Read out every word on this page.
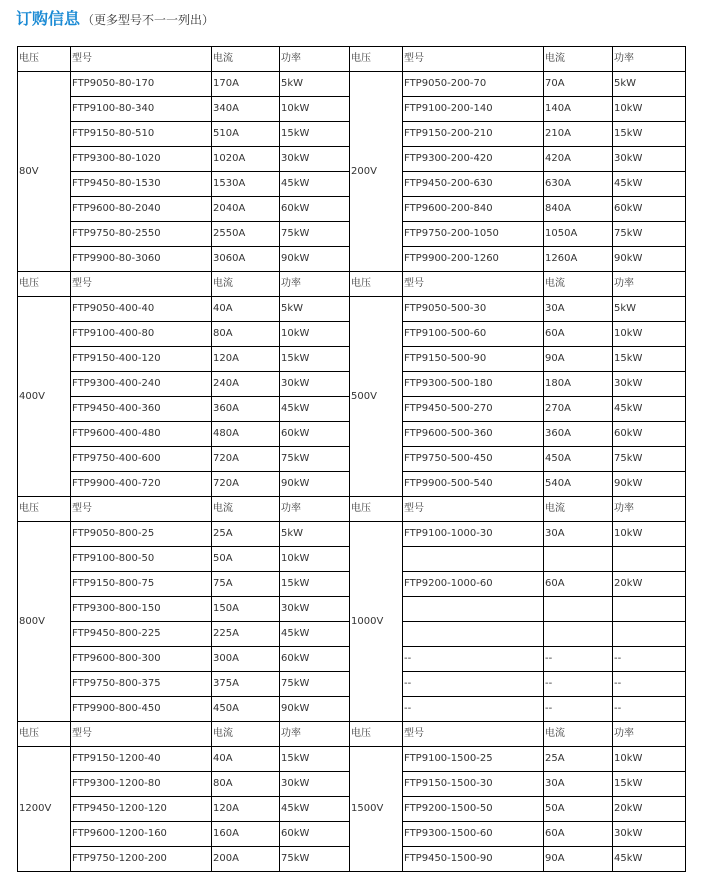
订购信息 （更多型号不一一列出）
电压	型号	电流	功率	电压	型号	电流	功率
80V	FTP9050-80-170	170A	5kW	200V	FTP9050-200-70	70A	5kW
	FTP9100-80-340	340A	10kW		FTP9100-200-140	140A	10kW
	FTP9150-80-510	510A	15kW		FTP9150-200-210	210A	15kW
	FTP9300-80-1020	1020A	30kW		FTP9300-200-420	420A	30kW
	FTP9450-80-1530	1530A	45kW		FTP9450-200-630	630A	45kW
	FTP9600-80-2040	2040A	60kW		FTP9600-200-840	840A	60kW
	FTP9750-80-2550	2550A	75kW		FTP9750-200-1050	1050A	75kW
	FTP9900-80-3060	3060A	90kW		FTP9900-200-1260	1260A	90kW
电压	型号	电流	功率	电压	型号	电流	功率
400V	FTP9050-400-40	40A	5kW	500V	FTP9050-500-30	30A	5kW
	FTP9100-400-80	80A	10kW		FTP9100-500-60	60A	10kW
	FTP9150-400-120	120A	15kW		FTP9150-500-90	90A	15kW
	FTP9300-400-240	240A	30kW		FTP9300-500-180	180A	30kW
	FTP9450-400-360	360A	45kW		FTP9450-500-270	270A	45kW
	FTP9600-400-480	480A	60kW		FTP9600-500-360	360A	60kW
	FTP9750-400-600	720A	75kW		FTP9750-500-450	450A	75kW
	FTP9900-400-720	720A	90kW		FTP9900-500-540	540A	90kW
电压	型号	电流	功率	电压	型号	电流	功率
800V	FTP9050-800-25	25A	5kW	1000V	FTP9100-1000-30	30A	10kW
	FTP9100-800-50	50A	10kW				
	FTP9150-800-75	75A	15kW		FTP9200-1000-60	60A	20kW
	FTP9300-800-150	150A	30kW				
	FTP9450-800-225	225A	45kW				
	FTP9600-800-300	300A	60kW		--	--	--
	FTP9750-800-375	375A	75kW		--	--	--
	FTP9900-800-450	450A	90kW		--	--	--
电压	型号	电流	功率	电压	型号	电流	功率
1200V	FTP9150-1200-40	40A	15kW	1500V	FTP9100-1500-25	25A	10kW
	FTP9300-1200-80	80A	30kW		FTP9150-1500-30	30A	15kW
	FTP9450-1200-120	120A	45kW		FTP9200-1500-50	50A	20kW
	FTP9600-1200-160	160A	60kW		FTP9300-1500-60	60A	30kW
	FTP9750-1200-200	200A	75kW		FTP9450-1500-90	90A	45kW
